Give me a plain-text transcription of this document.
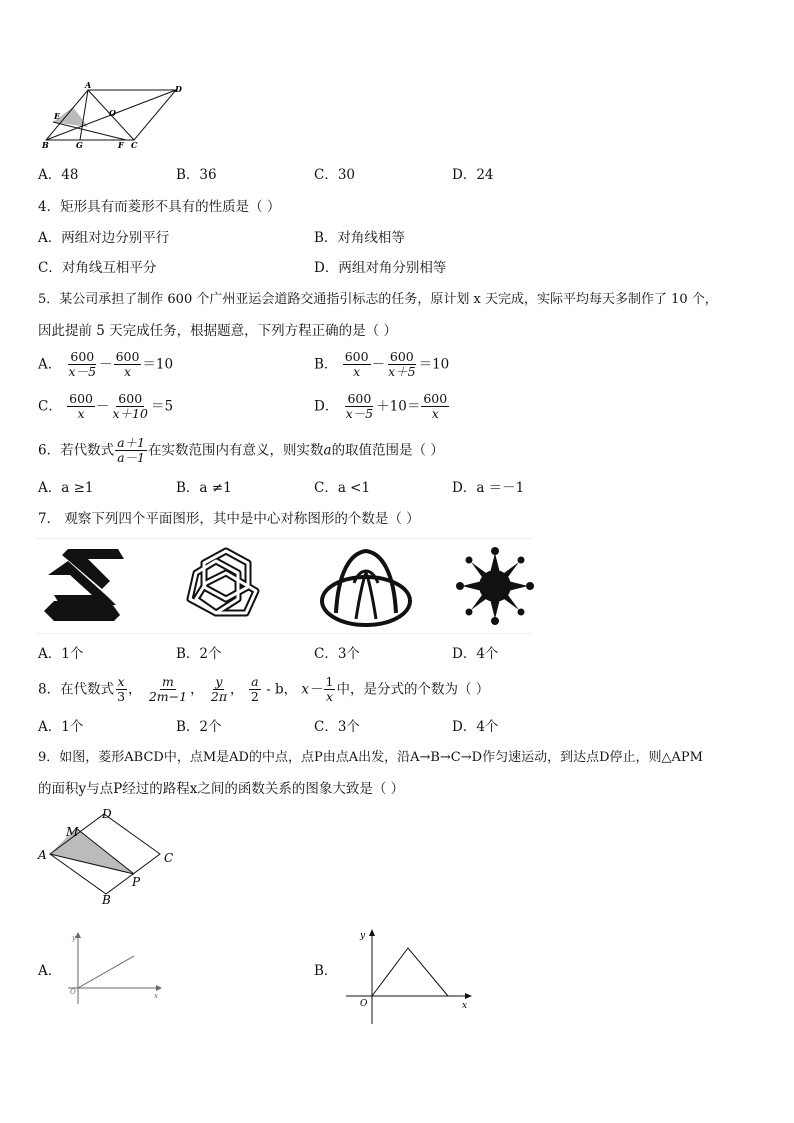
A	D
E	O
B	G	F C
A．48	B．36	C．30	D．24
4．矩形具有而菱形不具有的性质是（ ）
A．两组对边分别平行	B．对角线相等
C．对角线互相平分	D．两组对角分别相等
5．某公司承担了制作 600 个广州亚运会道路交通指引标志的任务，原计划 x 天完成，实际平均每天多制作了 10 个，
因此提前 5 天完成任务，根据题意，下列方程正确的是（ ）
A． $\frac{600}{x-5} - \frac{600}{x} =10$	B． $\frac{600}{x} - \frac{600}{x+5} =10$
C． $\frac{600}{x} - \frac{600}{x+10} =5$	D． $\frac{600}{x-5} +10= \frac{600}{x}$
6．若代数式 $\frac{a+1}{a-1}$ 在实数范围内有意义，则实数a的取值范围是（ ）
A．a ≥1	B．a ≠1	C．a <1	D．a ＝－1
7． 观察下列四个平面图形，其中是中心对称图形的个数是（ ）
A．1个	B．2个	C．3个	D．4个
8．在代数式 $\frac{x}{3}$ ， $\frac{m}{2m-1}$ ， $\frac{y}{2\pi}$ ， $\frac{a}{2}$ - b， $x- \frac{1}{x}$ 中，是分式的个数为（ ）
A．1个	B．2个	C．3个	D．4个
9．如图，菱形ABCD中，点M是AD的中点，点P由点A出发，沿A→B→C→D作匀速运动，到达点D停止，则△APM
的面积y与点P经过的路程x之间的函数关系的图象大致是（ ）
A
D
C
B
M
P
A．
y
x
O
B．
y
x
O
